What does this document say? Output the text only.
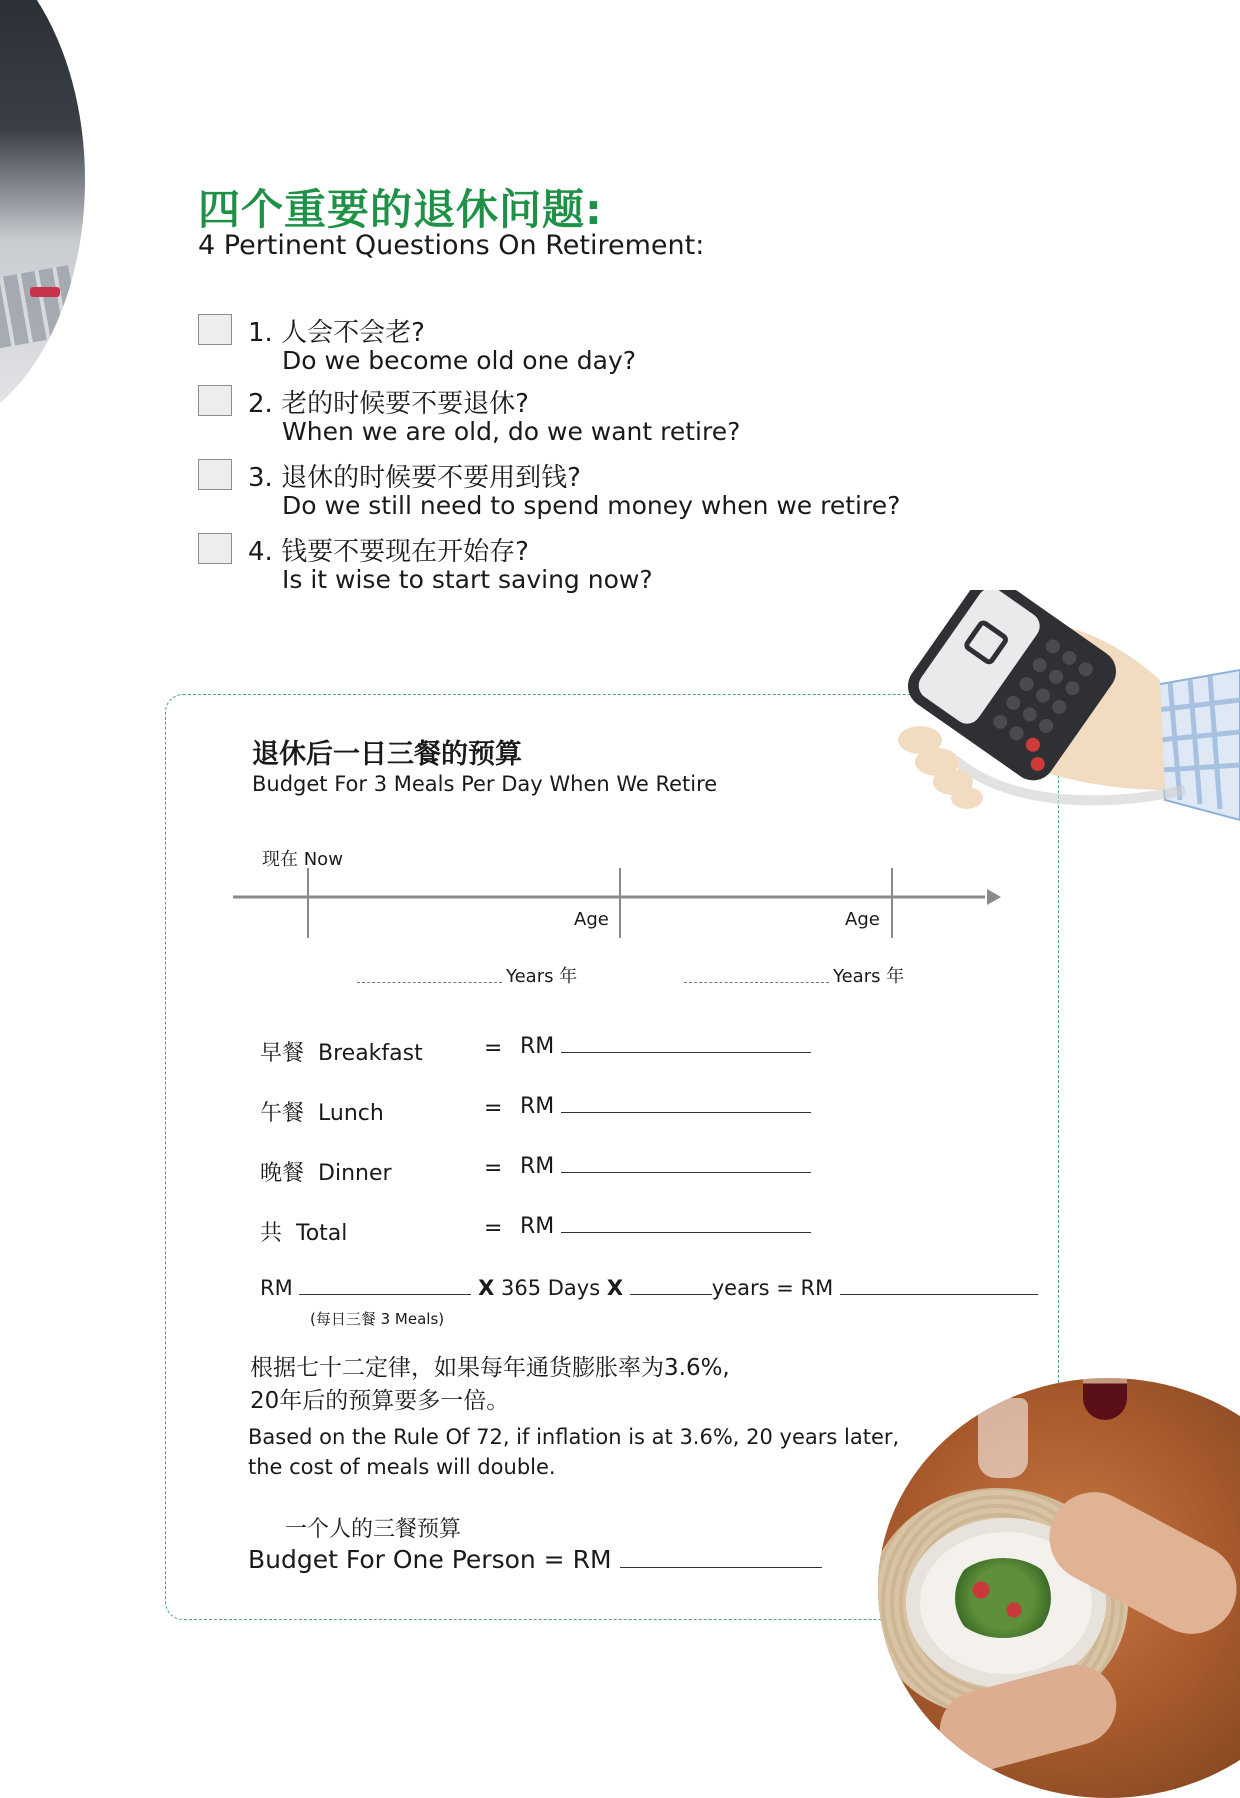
四个重要的退休问题:
4 Pertinent Questions On Retirement:
1. 人会不会老?
Do we become old one day?
2. 老的时候要不要退休?
When we are old, do we want retire?
3. 退休的时候要不要用到钱?
Do we still need to spend money when we retire?
4. 钱要不要现在开始存?
Is it wise to start saving now?
退休后一日三餐的预算
Budget For 3 Meals Per Day When We Retire
现在 Now
Age	Age
Years 年	Years 年
早餐 Breakfast	= RM
午餐 Lunch	= RM
晚餐 Dinner	= RM
共 Total	= RM
RM	X 365 Days X	years = RM
(每日三餐 3 Meals)
根据七十二定律，如果每年通货膨胀率为3.6%,
20年后的预算要多一倍。
Based on the Rule Of 72, if inflation is at 3.6%, 20 years later,
the cost of meals will double.
一个人的三餐预算
Budget For One Person = RM
